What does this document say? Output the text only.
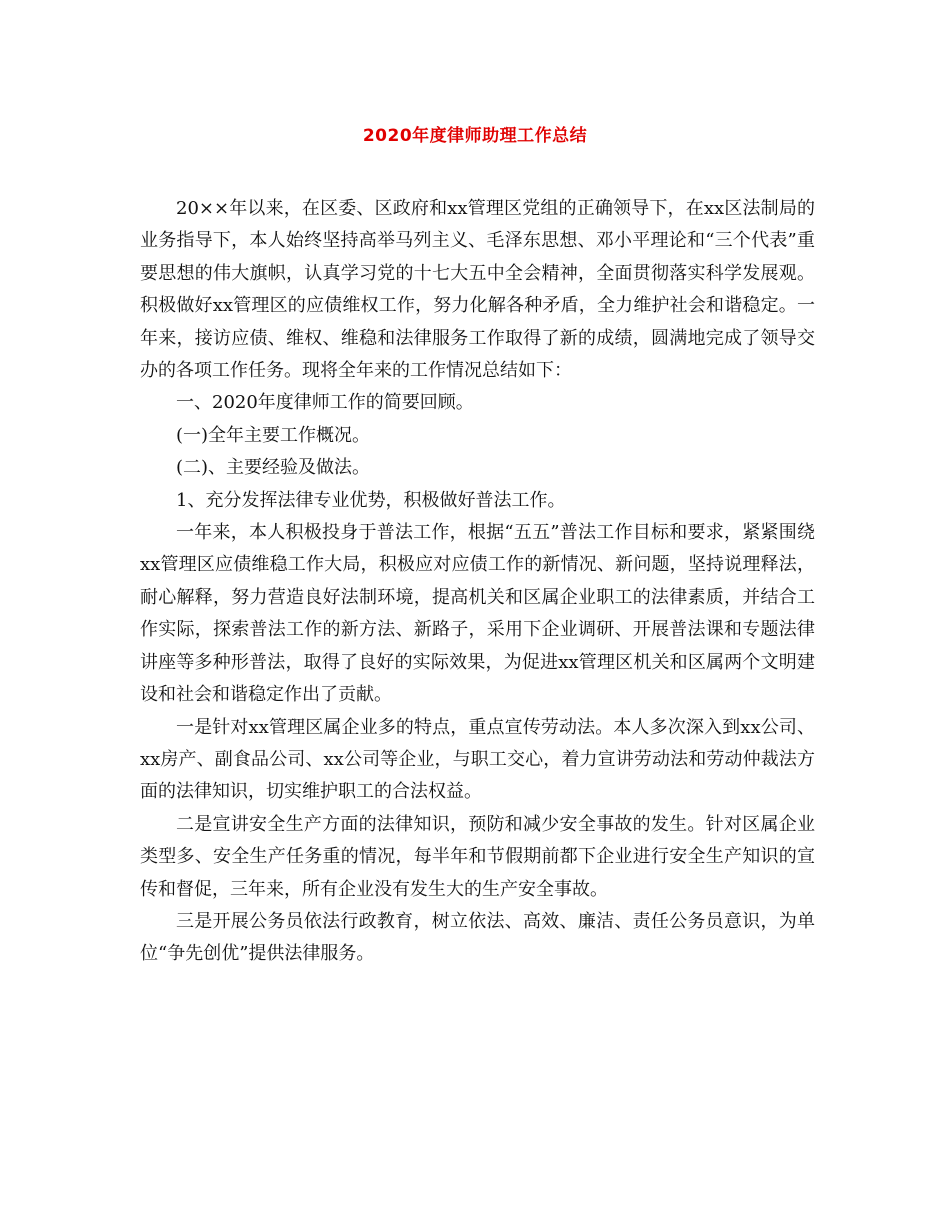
2020年度律师助理工作总结

20××年以来，在区委、区政府和xx管理区党组的正确领导下，在xx区法制局的业务指导下，本人始终坚持高举马列主义、毛泽东思想、邓小平理论和“三个代表”重要思想的伟大旗帜，认真学习党的十七大五中全会精神，全面贯彻落实科学发展观。积极做好xx管理区的应债维权工作，努力化解各种矛盾，全力维护社会和谐稳定。一年来，接访应债、维权、维稳和法律服务工作取得了新的成绩，圆满地完成了领导交办的各项工作任务。现将全年来的工作情况总结如下：

一、2020年度律师工作的简要回顾。

(一)全年主要工作概况。

(二)、主要经验及做法。

1、充分发挥法律专业优势，积极做好普法工作。

一年来，本人积极投身于普法工作，根据“五五”普法工作目标和要求，紧紧围绕xx管理区应债维稳工作大局，积极应对应债工作的新情况、新问题，坚持说理释法，耐心解释，努力营造良好法制环境，提高机关和区属企业职工的法律素质，并结合工作实际，探索普法工作的新方法、新路子，采用下企业调研、开展普法课和专题法律讲座等多种形普法，取得了良好的实际效果，为促进xx管理区机关和区属两个文明建设和社会和谐稳定作出了贡献。

一是针对xx管理区属企业多的特点，重点宣传劳动法。本人多次深入到xx公司、xx房产、副食品公司、xx公司等企业，与职工交心，着力宣讲劳动法和劳动仲裁法方面的法律知识，切实维护职工的合法权益。

二是宣讲安全生产方面的法律知识，预防和减少安全事故的发生。针对区属企业类型多、安全生产任务重的情况，每半年和节假期前都下企业进行安全生产知识的宣传和督促，三年来，所有企业没有发生大的生产安全事故。

三是开展公务员依法行政教育，树立依法、高效、廉洁、责任公务员意识，为单位“争先创优”提供法律服务。
